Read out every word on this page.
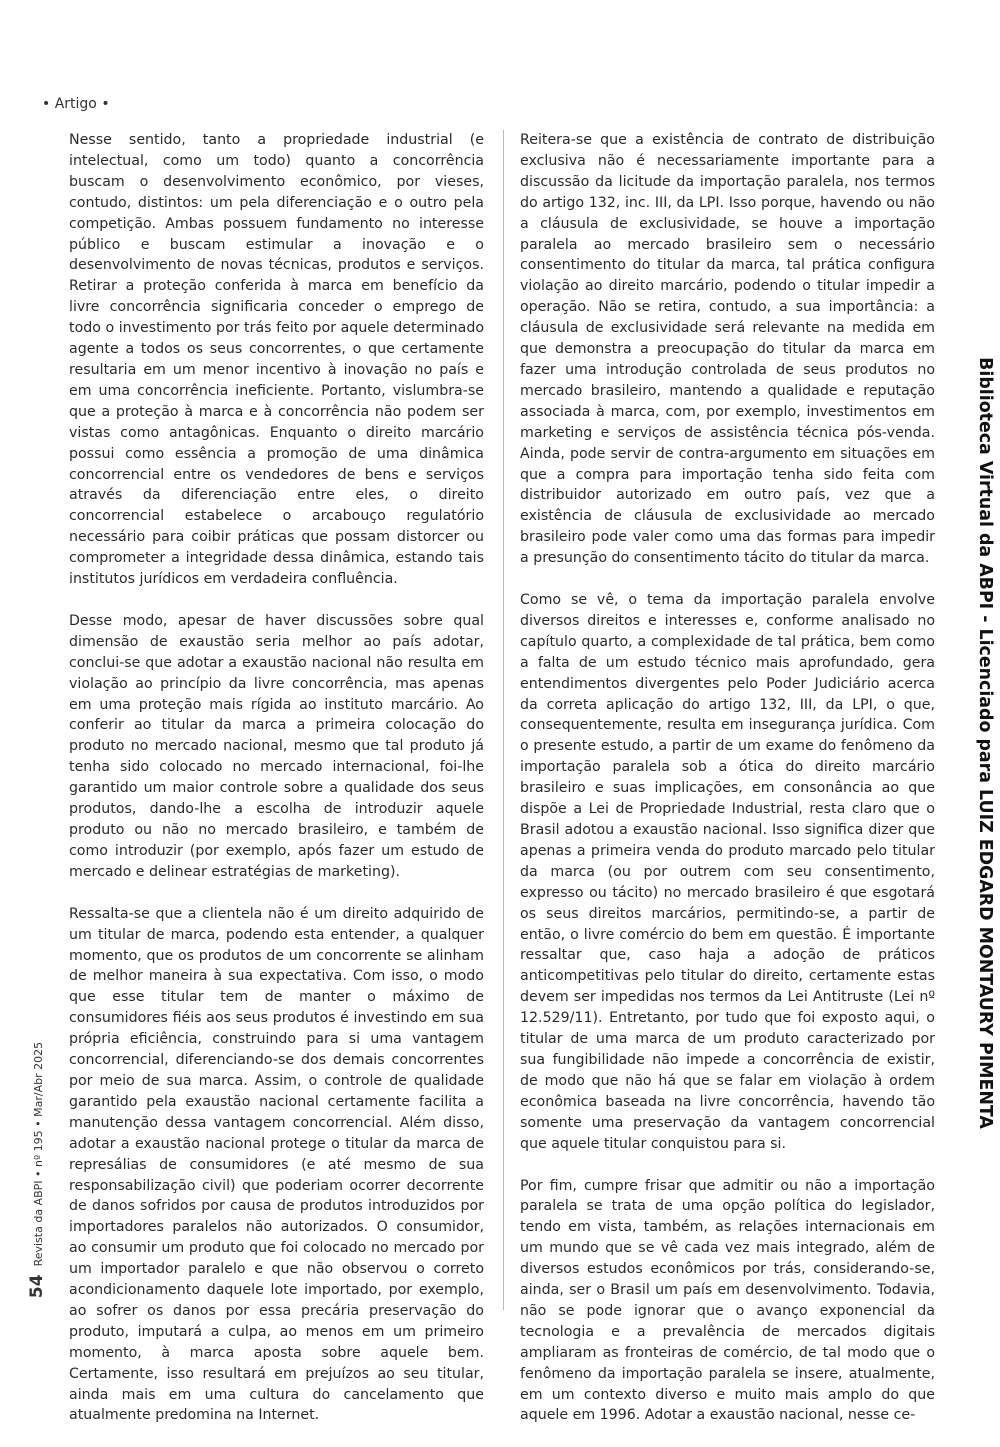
• Artigo •

Nesse sentido, tanto a propriedade industrial (e intelectual, como um todo) quanto a concorrência buscam o desenvolvimento econômico, por vieses, contudo, distintos: um pela diferenciação e o outro pela competição. Ambas possuem fundamento no interesse público e buscam estimular a inovação e o desenvolvimento de novas técnicas, produtos e serviços. Retirar a proteção conferida à marca em benefício da livre concorrência significaria conceder o emprego de todo o investimento por trás feito por aquele determinado agente a todos os seus concorrentes, o que certamente resultaria em um menor incentivo à inovação no país e em uma concorrência ineficiente. Portanto, vislumbra-se que a proteção à marca e à concorrência não podem ser vistas como antagônicas. Enquanto o direito marcário possui como essência a promoção de uma dinâmica concorrencial entre os vendedores de bens e serviços através da diferenciação entre eles, o direito concorrencial estabelece o arcabouço regulatório necessário para coibir práticas que possam distorcer ou comprometer a integridade dessa dinâmica, estando tais institutos jurídicos em verdadeira confluência.

Desse modo, apesar de haver discussões sobre qual dimensão de exaustão seria melhor ao país adotar, conclui-se que adotar a exaustão nacional não resulta em violação ao princípio da livre concorrência, mas apenas em uma proteção mais rígida ao instituto marcário. Ao conferir ao titular da marca a primeira colocação do produto no mercado nacional, mesmo que tal produto já tenha sido colocado no mercado internacional, foi-lhe garantido um maior controle sobre a qualidade dos seus produtos, dando-lhe a escolha de introduzir aquele produto ou não no mercado brasileiro, e também de como introduzir (por exemplo, após fazer um estudo de mercado e delinear estratégias de marketing).

Ressalta-se que a clientela não é um direito adquirido de um titular de marca, podendo esta entender, a qualquer momento, que os produtos de um concorrente se alinham de melhor maneira à sua expectativa. Com isso, o modo que esse titular tem de manter o máximo de consumidores fiéis aos seus produtos é investindo em sua própria eficiência, construindo para si uma vantagem concorrencial, diferenciando-se dos demais concorrentes por meio de sua marca. Assim, o controle de qualidade garantido pela exaustão nacional certamente facilita a manutenção dessa vantagem concorrencial. Além disso, adotar a exaustão nacional protege o titular da marca de represálias de consumidores (e até mesmo de sua responsabilização civil) que poderiam ocorrer decorrente de danos sofridos por causa de produtos introduzidos por importadores paralelos não autorizados. O consumidor, ao consumir um produto que foi colocado no mercado por um importador paralelo e que não observou o correto acondicionamento daquele lote importado, por exemplo, ao sofrer os danos por essa precária preservação do produto, imputará a culpa, ao menos em um primeiro momento, à marca aposta sobre aquele bem. Certamente, isso resultará em prejuízos ao seu titular, ainda mais em uma cultura do cancelamento que atualmente predomina na Internet.

Reitera-se que a existência de contrato de distribuição exclusiva não é necessariamente importante para a discussão da licitude da importação paralela, nos termos do artigo 132, inc. III, da LPI. Isso porque, havendo ou não a cláusula de exclusividade, se houve a importação paralela ao mercado brasileiro sem o necessário consentimento do titular da marca, tal prática configura violação ao direito marcário, podendo o titular impedir a operação. Não se retira, contudo, a sua importância: a cláusula de exclusividade será relevante na medida em que demonstra a preocupação do titular da marca em fazer uma introdução controlada de seus produtos no mercado brasileiro, mantendo a qualidade e reputação associada à marca, com, por exemplo, investimentos em marketing e serviços de assistência técnica pós-venda. Ainda, pode servir de contra-argumento em situações em que a compra para importação tenha sido feita com distribuidor autorizado em outro país, vez que a existência de cláusula de exclusividade ao mercado brasileiro pode valer como uma das formas para impedir a presunção do consentimento tácito do titular da marca.

Como se vê, o tema da importação paralela envolve diversos direitos e interesses e, conforme analisado no capítulo quarto, a complexidade de tal prática, bem como a falta de um estudo técnico mais aprofundado, gera entendimentos divergentes pelo Poder Judiciário acerca da correta aplicação do artigo 132, III, da LPI, o que, consequentemente, resulta em insegurança jurídica. Com o presente estudo, a partir de um exame do fenômeno da importação paralela sob a ótica do direito marcário brasileiro e suas implicações, em consonância ao que dispõe a Lei de Propriedade Industrial, resta claro que o Brasil adotou a exaustão nacional. Isso significa dizer que apenas a primeira venda do produto marcado pelo titular da marca (ou por outrem com seu consentimento, expresso ou tácito) no mercado brasileiro é que esgotará os seus direitos marcários, permitindo-se, a partir de então, o livre comércio do bem em questão. É importante ressaltar que, caso haja a adoção de práticos anticompetitivas pelo titular do direito, certamente estas devem ser impedidas nos termos da Lei Antitruste (Lei nº 12.529/11). Entretanto, por tudo que foi exposto aqui, o titular de uma marca de um produto caracterizado por sua fungibilidade não impede a concorrência de existir, de modo que não há que se falar em violação à ordem econômica baseada na livre concorrência, havendo tão somente uma preservação da vantagem concorrencial que aquele titular conquistou para si.

Por fim, cumpre frisar que admitir ou não a importação paralela se trata de uma opção política do legislador, tendo em vista, também, as relações internacionais em um mundo que se vê cada vez mais integrado, além de diversos estudos econômicos por trás, considerando-se, ainda, ser o Brasil um país em desenvolvimento. Todavia, não se pode ignorar que o avanço exponencial da tecnologia e a prevalência de mercados digitais ampliaram as fronteiras de comércio, de tal modo que o fenômeno da importação paralela se insere, atualmente, em um contexto diverso e muito mais amplo do que aquele em 1996. Adotar a exaustão nacional, nesse ce-

Biblioteca Virtual da ABPI - Licenciado para LUIZ EDGARD MONTAURY PIMENTA
54Revista da ABPI • nº 195 • Mar/Abr 2025
